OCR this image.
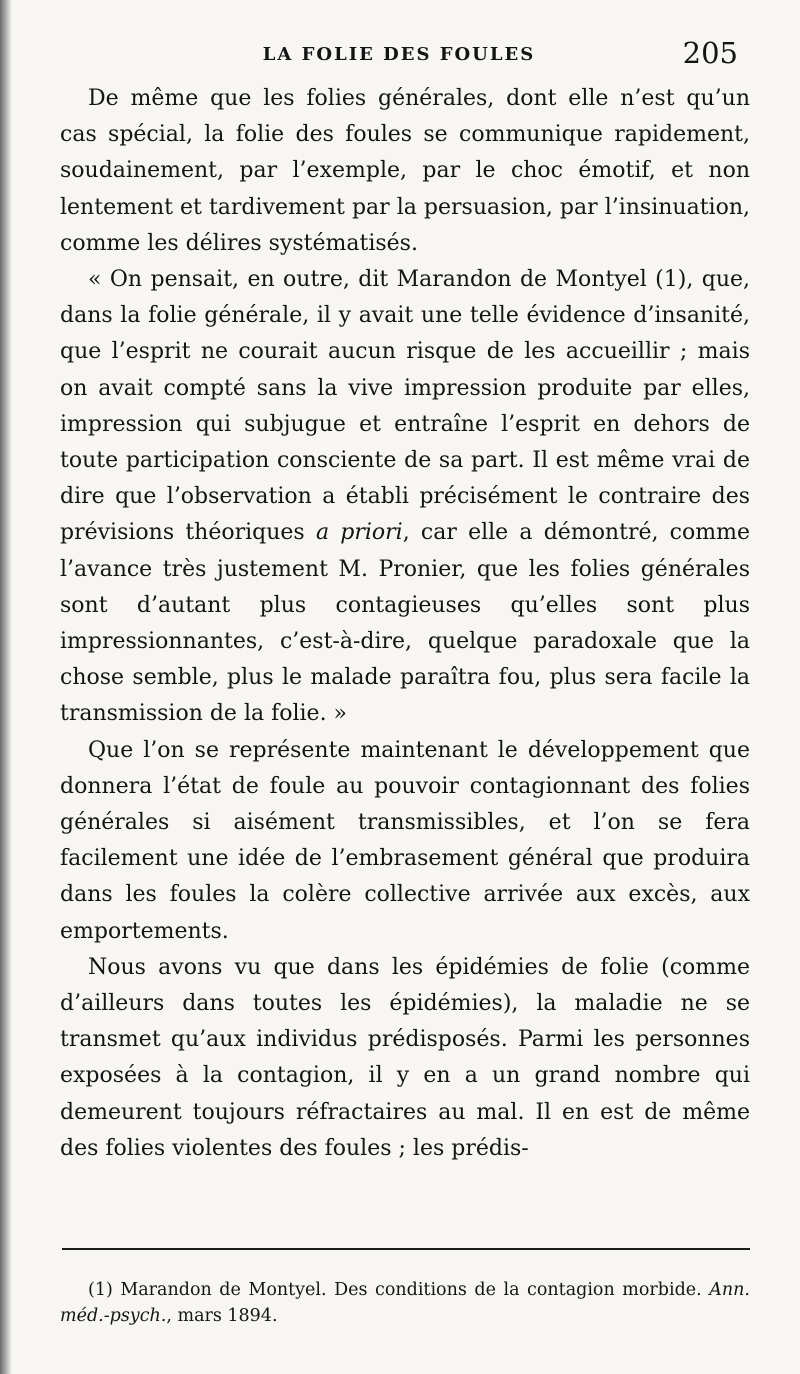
LA FOLIE DES FOULES	205

De même que les folies générales, dont elle n’est qu’un cas spécial, la folie des foules se communique rapidement, soudainement, par l’exemple, par le choc émotif, et non lentement et tardivement par la persuasion, par l’insinuation, comme les délires systématisés.

« On pensait, en outre, dit Marandon de Montyel (1), que, dans la folie générale, il y avait une telle évidence d’insanité, que l’esprit ne courait aucun risque de les accueillir ; mais on avait compté sans la vive impression produite par elles, impression qui subjugue et entraîne l’esprit en dehors de toute participation consciente de sa part. Il est même vrai de dire que l’observation a établi précisément le contraire des prévisions théoriques a priori, car elle a démontré, comme l’avance très justement M. Pronier, que les folies générales sont d’autant plus contagieuses qu’elles sont plus impressionnantes, c’est-à-dire, quelque paradoxale que la chose semble, plus le malade paraîtra fou, plus sera facile la transmission de la folie. »

Que l’on se représente maintenant le développement que donnera l’état de foule au pouvoir contagionnant des folies générales si aisément transmissibles, et l’on se fera facilement une idée de l’embrasement général que produira dans les foules la colère collective arrivée aux excès, aux emportements.

Nous avons vu que dans les épidémies de folie (comme d’ailleurs dans toutes les épidémies), la maladie ne se transmet qu’aux individus prédisposés. Parmi les personnes exposées à la contagion, il y en a un grand nombre qui demeurent toujours réfractaires au mal. Il en est de même des folies violentes des foules ; les prédis-

(1) Marandon de Montyel. Des conditions de la contagion morbide. Ann. méd.-psych., mars 1894.
